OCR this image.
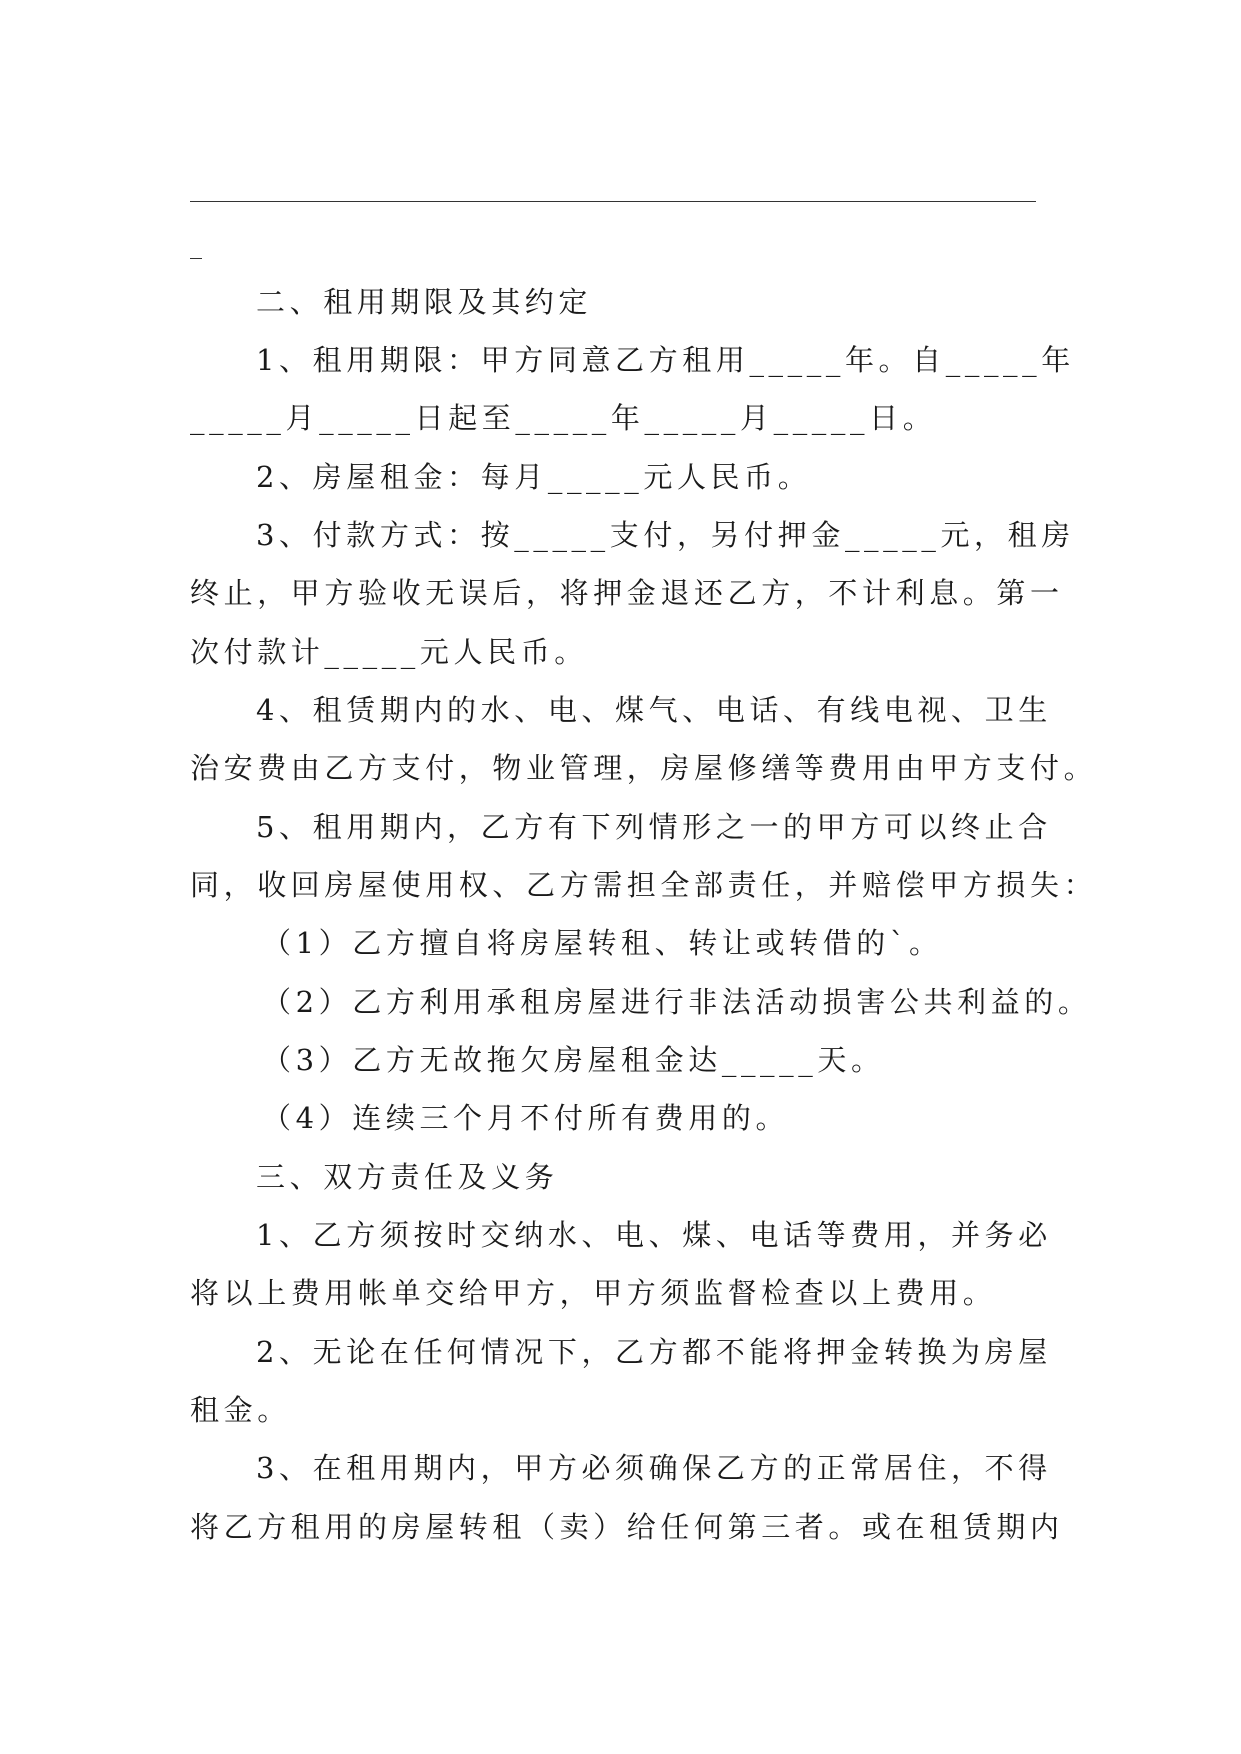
二、租用期限及其约定
1、租用期限：甲方同意乙方租用_____年。自_____年
_____月_____日起至_____年_____月_____日。
2、房屋租金：每月_____元人民币。
3、付款方式：按_____支付，另付押金_____元，租房
终止，甲方验收无误后，将押金退还乙方，不计利息。第一
次付款计_____元人民币。
4、租赁期内的水、电、煤气、电话、有线电视、卫生
治安费由乙方支付，物业管理，房屋修缮等费用由甲方支付。
5、租用期内，乙方有下列情形之一的甲方可以终止合
同，收回房屋使用权、乙方需担全部责任，并赔偿甲方损失：
（1）乙方擅自将房屋转租、转让或转借的`。
（2）乙方利用承租房屋进行非法活动损害公共利益的。
（3）乙方无故拖欠房屋租金达_____天。
（4）连续三个月不付所有费用的。
三、双方责任及义务
1、乙方须按时交纳水、电、煤、电话等费用，并务必
将以上费用帐单交给甲方，甲方须监督检查以上费用。
2、无论在任何情况下，乙方都不能将押金转换为房屋
租金。
3、在租用期内，甲方必须确保乙方的正常居住，不得
将乙方租用的房屋转租（卖）给任何第三者。或在租赁期内
